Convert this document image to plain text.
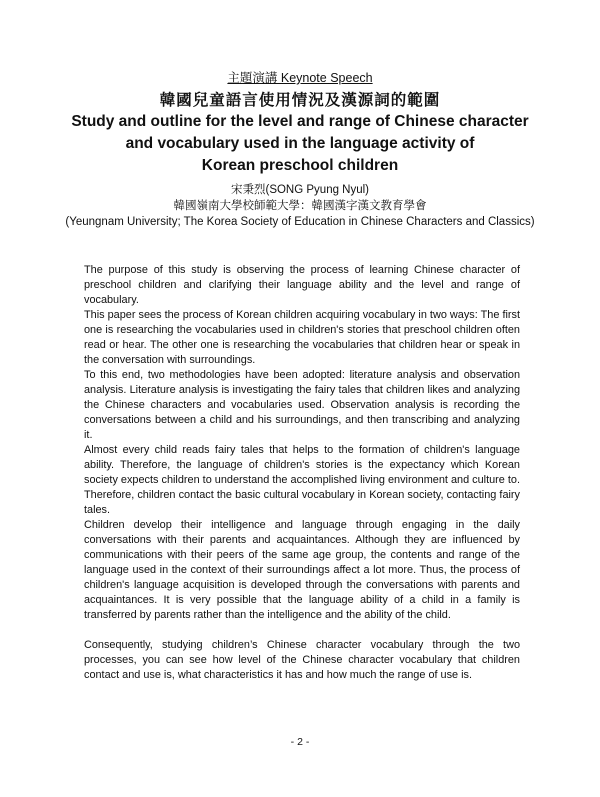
主題演講 Keynote Speech

韓國兒童語言使用情況及漢源詞的範圍

Study and outline for the level and range of Chinese character

and vocabulary used in the language activity of

Korean preschool children

宋秉烈(SONG Pyung Nyul)

韓國嶺南大學校師範大學：韓國漢字漢文教育學會

(Yeungnam University; The Korea Society of Education in Chinese Characters and Classics)

The purpose of this study is observing the process of learning Chinese character of preschool children and clarifying their language ability and the level and range of vocabulary.

This paper sees the process of Korean children acquiring vocabulary in two ways: The first one is researching the vocabularies used in children's stories that preschool children often read or hear. The other one is researching the vocabularies that children hear or speak in the conversation with surroundings.

To this end, two methodologies have been adopted: literature analysis and observation analysis. Literature analysis is investigating the fairy tales that children likes and analyzing the Chinese characters and vocabularies used. Observation analysis is recording the conversations between a child and his surroundings, and then transcribing and analyzing it.

Almost every child reads fairy tales that helps to the formation of children's language ability. Therefore, the language of children's stories is the expectancy which Korean society expects children to understand the accomplished living environment and culture to. Therefore, children contact the basic cultural vocabulary in Korean society, contacting fairy tales.

Children develop their intelligence and language through engaging in the daily conversations with their parents and acquaintances. Although they are influenced by communications with their peers of the same age group, the contents and range of the language used in the context of their surroundings affect a lot more. Thus, the process of children's language acquisition is developed through the conversations with parents and acquaintances. It is very possible that the language ability of a child in a family is transferred by parents rather than the intelligence and the ability of the child.

Consequently, studying children’s Chinese character vocabulary through the two processes, you can see how level of the Chinese character vocabulary that children contact and use is, what characteristics it has and how much the range of use is.

- 2 -
